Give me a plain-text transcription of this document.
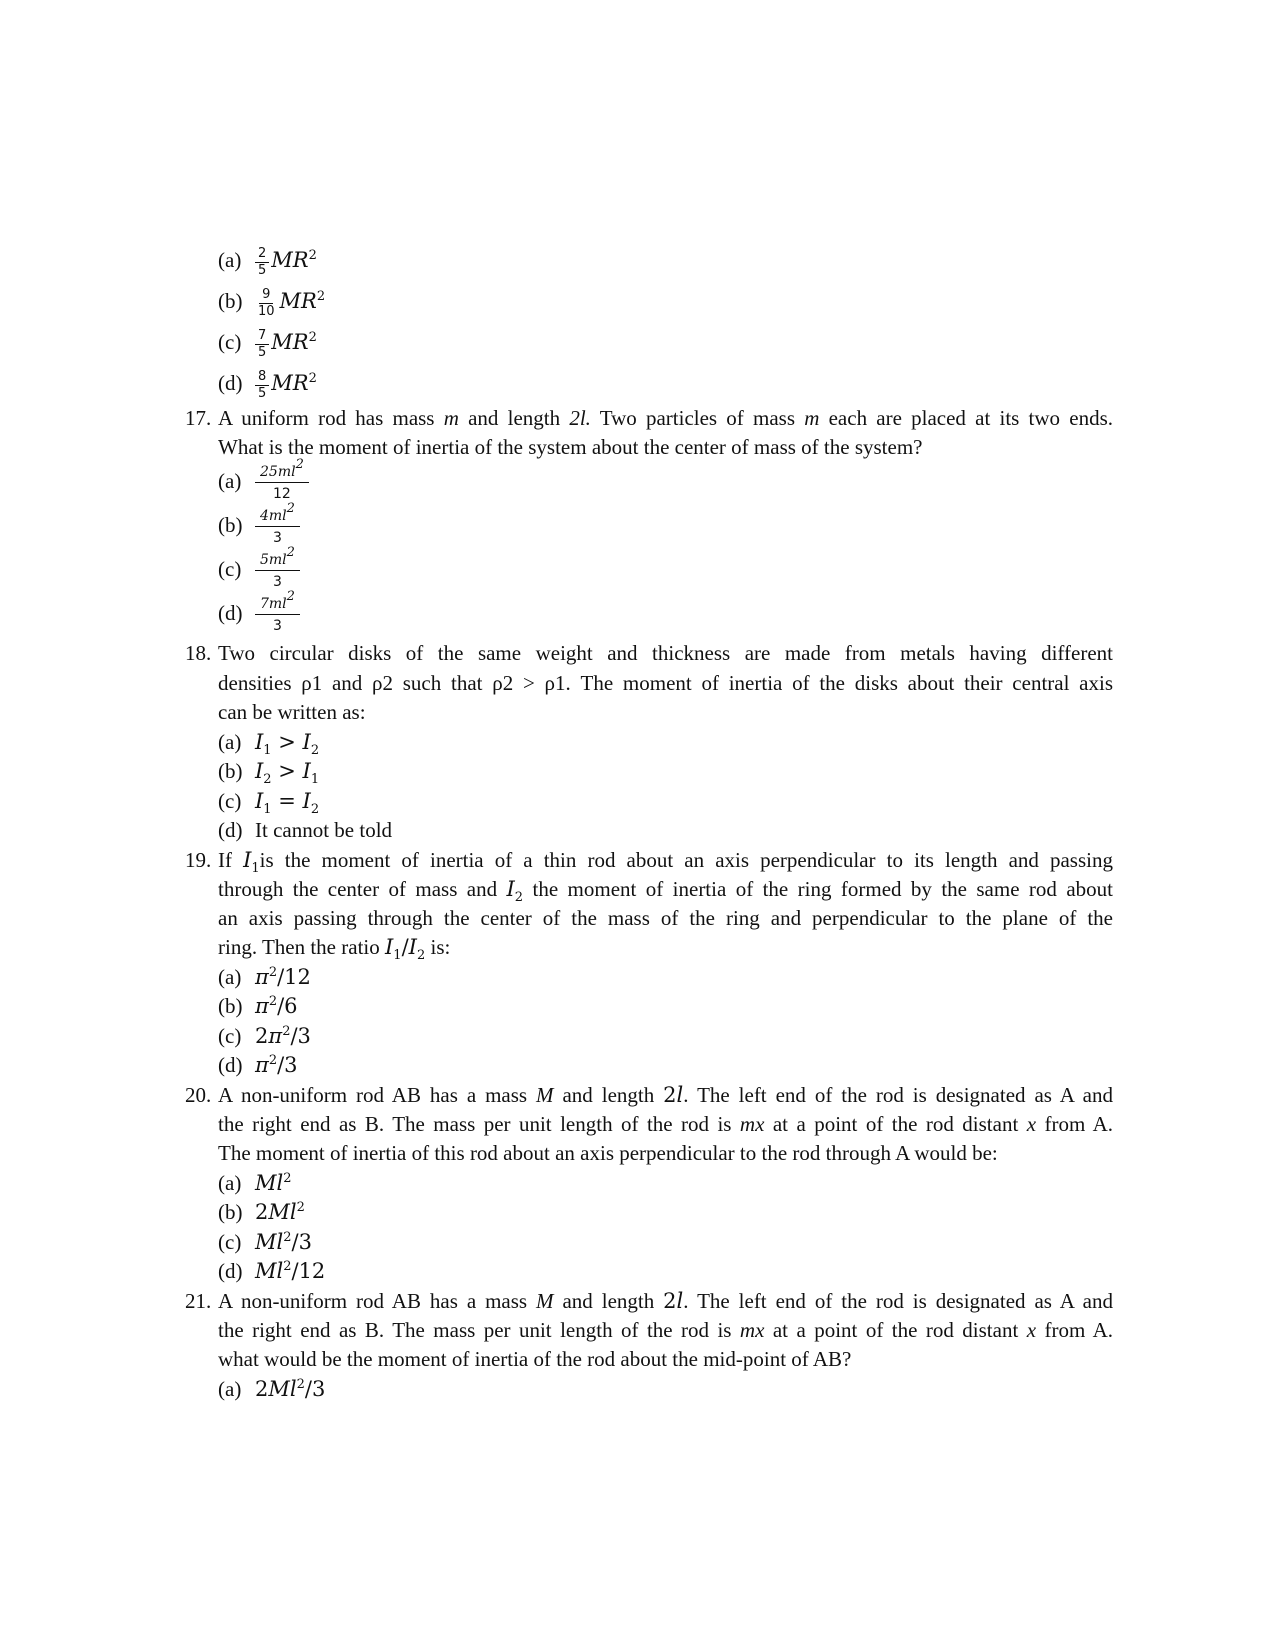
$(a) \frac{2}{5} MR^2$
$(b) \frac{9}{10} MR^2$
$(c) \frac{7}{5} MR^2$
$(d) \frac{8}{5} MR^2$
17. A uniform rod has mass m and length 2l. Two particles of mass m each are placed at its two ends.
What is the moment of inertia of the system about the center of mass of the system?
$(a) \frac{25ml^2}{12}$
$(b) \frac{4ml^2}{3}$
$(c) \frac{5ml^2}{3}$
$(d) \frac{7ml^2}{3}$
18. Two circular disks of the same weight and thickness are made from metals having different
densities ρ1 and ρ2 such that ρ2 > ρ1. The moment of inertia of the disks about their central axis
can be written as:
(a) $I_1 > I_2$
(b) $I_2 > I_1$
(c) $I_1 = I_2$
(d) It cannot be told
19. If $I_1is$ the moment of inertia of a thin rod about an axis perpendicular to its length and passing
through the center of mass and $I_2$ the moment of inertia of the ring formed by the same rod about
an axis passing through the center of the mass of the ring and perpendicular to the plane of the
ring. Then the ratio $I_1/I_2$ is:
(a) $\pi^2/12$
(b) $\pi^2/6$
(c) $2\pi^2/3$
(d) $\pi^2/3$
20. A non-uniform rod AB has a mass M and length 2l. The left end of the rod is designated as A and
the right end as B. The mass per unit length of the rod is mx at a point of the rod distant x from A.
The moment of inertia of this rod about an axis perpendicular to the rod through A would be:
(a) Ml$^2$
(b) 2Ml$^2$
(c) Ml$^2$/3
(d) Ml$^2$/12
21. A non-uniform rod AB has a mass M and length 2l. The left end of the rod is designated as A and
the right end as B. The mass per unit length of the rod is mx at a point of the rod distant x from A.
what would be the moment of inertia of the rod about the mid-point of AB?
(a) 2Ml$^2$/3
